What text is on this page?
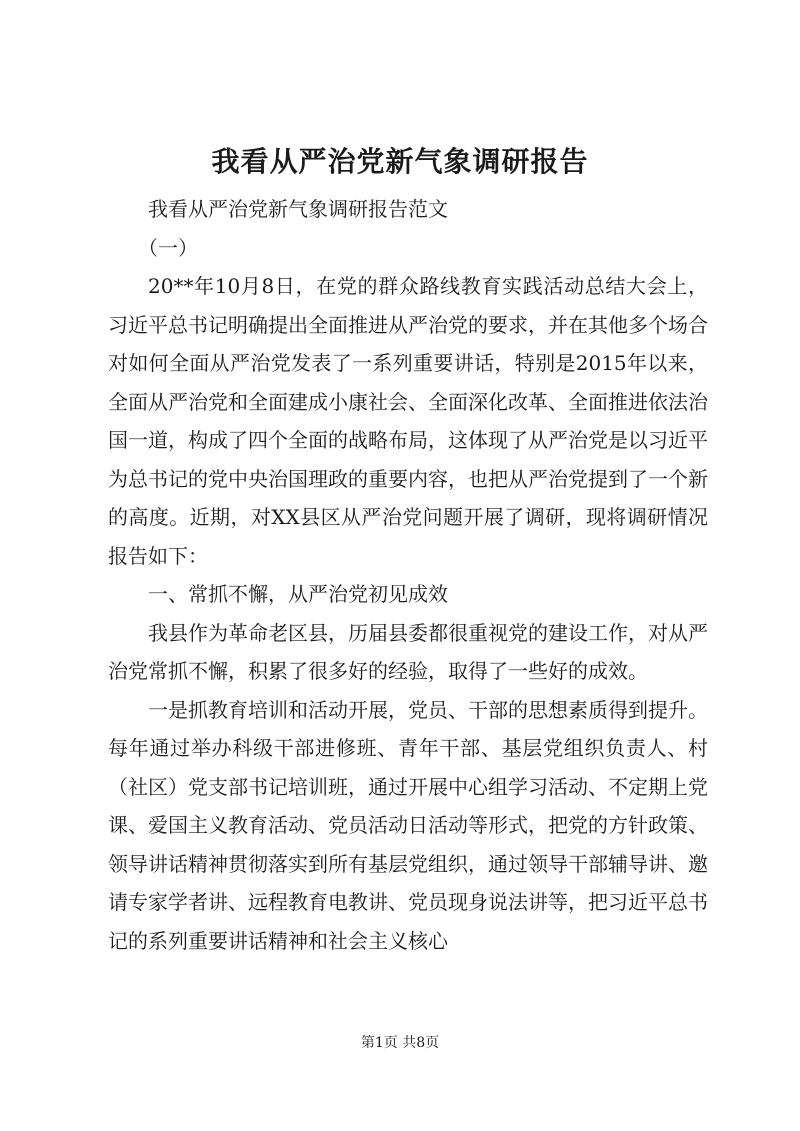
我看从严治党新气象调研报告

我看从严治党新气象调研报告范文

（一）

20**年10月8日，在党的群众路线教育实践活动总结大会上，习近平总书记明确提出全面推进从严治党的要求，并在其他多个场合对如何全面从严治党发表了一系列重要讲话，特别是2015年以来，全面从严治党和全面建成小康社会、全面深化改革、全面推进依法治国一道，构成了四个全面的战略布局，这体现了从严治党是以习近平为总书记的党中央治国理政的重要内容，也把从严治党提到了一个新的高度。近期，对XX县区从严治党问题开展了调研，现将调研情况报告如下：

一、常抓不懈，从严治党初见成效

我县作为革命老区县，历届县委都很重视党的建设工作，对从严治党常抓不懈，积累了很多好的经验，取得了一些好的成效。

一是抓教育培训和活动开展，党员、干部的思想素质得到提升。每年通过举办科级干部进修班、青年干部、基层党组织负责人、村（社区）党支部书记培训班，通过开展中心组学习活动、不定期上党课、爱国主义教育活动、党员活动日活动等形式，把党的方针政策、领导讲话精神贯彻落实到所有基层党组织，通过领导干部辅导讲、邀请专家学者讲、远程教育电教讲、党员现身说法讲等，把习近平总书记的系列重要讲话精神和社会主义核心

第1页 共8页
